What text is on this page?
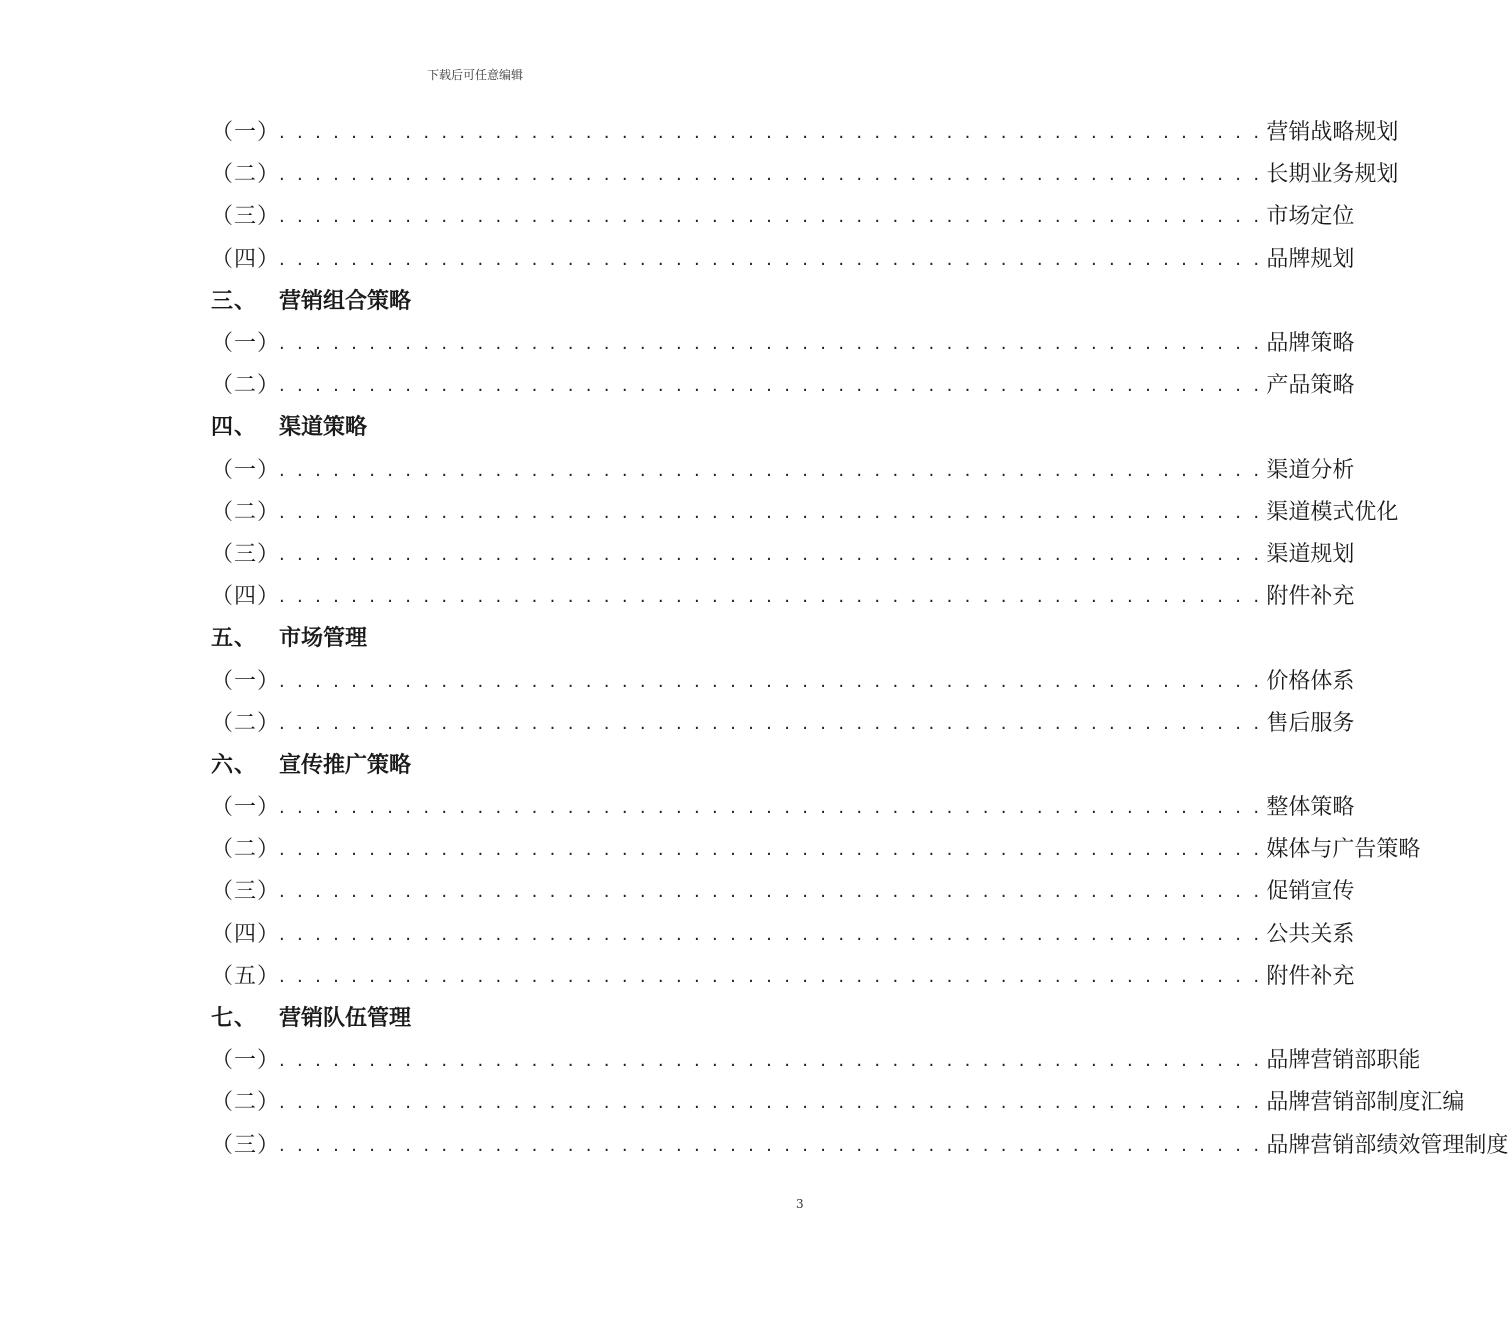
下载后可任意编辑
（一）
. . . . . . . . . . . . . . . . . . . . . . . . . . . . . . . . . . . . . . . . . . . . . . . . . . . . . . . 营销战略规划
（二）
. . . . . . . . . . . . . . . . . . . . . . . . . . . . . . . . . . . . . . . . . . . . . . . . . . . . . . . 长期业务规划
（三）
. . . . . . . . . . . . . . . . . . . . . . . . . . . . . . . . . . . . . . . . . . . . . . . . . . . . . . . 市场定位
（四）
. . . . . . . . . . . . . . . . . . . . . . . . . . . . . . . . . . . . . . . . . . . . . . . . . . . . . . . 品牌规划
三、 营销组合策略
（一）
. . . . . . . . . . . . . . . . . . . . . . . . . . . . . . . . . . . . . . . . . . . . . . . . . . . . . . . 品牌策略
（二）
. . . . . . . . . . . . . . . . . . . . . . . . . . . . . . . . . . . . . . . . . . . . . . . . . . . . . . . 产品策略
四、 渠道策略
（一）
. . . . . . . . . . . . . . . . . . . . . . . . . . . . . . . . . . . . . . . . . . . . . . . . . . . . . . . 渠道分析
（二）
. . . . . . . . . . . . . . . . . . . . . . . . . . . . . . . . . . . . . . . . . . . . . . . . . . . . . . . 渠道模式优化
（三）
. . . . . . . . . . . . . . . . . . . . . . . . . . . . . . . . . . . . . . . . . . . . . . . . . . . . . . . 渠道规划
（四）
. . . . . . . . . . . . . . . . . . . . . . . . . . . . . . . . . . . . . . . . . . . . . . . . . . . . . . . 附件补充
五、 市场管理
（一）
. . . . . . . . . . . . . . . . . . . . . . . . . . . . . . . . . . . . . . . . . . . . . . . . . . . . . . . 价格体系
（二）
. . . . . . . . . . . . . . . . . . . . . . . . . . . . . . . . . . . . . . . . . . . . . . . . . . . . . . . 售后服务
六、 宣传推广策略
（一）
. . . . . . . . . . . . . . . . . . . . . . . . . . . . . . . . . . . . . . . . . . . . . . . . . . . . . . . 整体策略
（二）
. . . . . . . . . . . . . . . . . . . . . . . . . . . . . . . . . . . . . . . . . . . . . . . . . . . . . . . 媒体与广告策略
（三）
. . . . . . . . . . . . . . . . . . . . . . . . . . . . . . . . . . . . . . . . . . . . . . . . . . . . . . . 促销宣传
（四）
. . . . . . . . . . . . . . . . . . . . . . . . . . . . . . . . . . . . . . . . . . . . . . . . . . . . . . . 公共关系
（五）
. . . . . . . . . . . . . . . . . . . . . . . . . . . . . . . . . . . . . . . . . . . . . . . . . . . . . . . 附件补充
七、 营销队伍管理
（一）
. . . . . . . . . . . . . . . . . . . . . . . . . . . . . . . . . . . . . . . . . . . . . . . . . . . . . . . 品牌营销部职能
（二）
. . . . . . . . . . . . . . . . . . . . . . . . . . . . . . . . . . . . . . . . . . . . . . . . . . . . . . . 品牌营销部制度汇编
（三）
. . . . . . . . . . . . . . . . . . . . . . . . . . . . . . . . . . . . . . . . . . . . . . . . . . . . . . . 品牌营销部绩效管理制度
3
